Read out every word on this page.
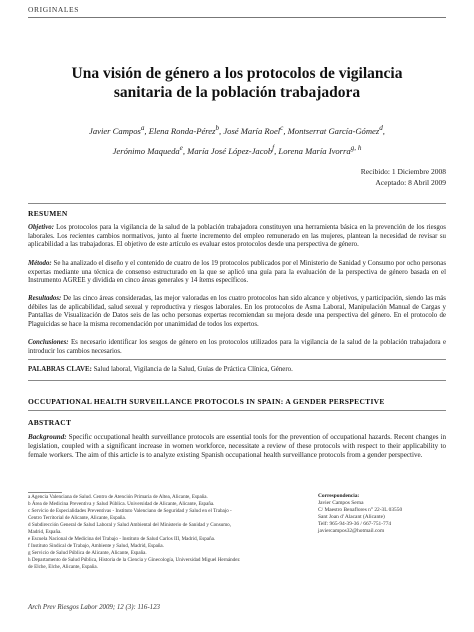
ORIGINALES
Una visión de género a los protocolos de vigilancia
sanitaria de la población trabajadora
Javier Campos$^a$, Elena Ronda-Pérez$^b$, José María Roel$^c$, Montserrat García-Gómez$^d$,
Jerónimo Maqueda$^e$, María José López-Jacob$^f$, Lorena María Ivorra$^{g, h}$
Recibido: 1 Diciembre 2008
Aceptado: 8 Abril 2009
RESUMEN

Objetivo: Los protocolos para la vigilancia de la salud de la población trabajadora constituyen una herramienta básica en la prevención de los riesgos laborales. Los recientes cambios normativos, junto al fuerte incremento del empleo remunerado en las mujeres, plantean la necesidad de revisar su aplicabilidad a las trabajadoras. El objetivo de este artículo es evaluar estos protocolos desde una perspectiva de género.

Método: Se ha analizado el diseño y el contenido de cuatro de los 19 protocolos publicados por el Ministerio de Sanidad y Consumo por ocho personas expertas mediante una técnica de consenso estructurado en la que se aplicó una guía para la evaluación de la perspectiva de género basada en el Instrumento AGREE y dividida en cinco áreas generales y 14 ítems específicos.

Resultados: De las cinco áreas consideradas, las mejor valoradas en los cuatro protocolos han sido alcance y objetivos, y participación, siendo las más débiles las de aplicabilidad, salud sexual y reproductiva y riesgos laborales. En los protocolos de Asma Laboral, Manipulación Manual de Cargas y Pantallas de Visualización de Datos seis de las ocho personas expertas recomiendan su mejora desde una perspectiva del género. En el protocolo de Plaguicidas se hace la misma recomendación por unanimidad de todos los expertos.

Conclusiones: Es necesario identificar los sesgos de género en los protocolos utilizados para la vigilancia de la salud de la población trabajadora e introducir los cambios necesarios.

PALABRAS CLAVE: Salud laboral, Vigilancia de la Salud, Guías de Práctica Clínica, Género.
OCCUPATIONAL HEALTH SURVEILLANCE PROTOCOLS IN SPAIN: A GENDER PERSPECTIVE
ABSTRACT

Background: Specific occupational health surveillance protocols are essential tools for the prevention of occupational hazards. Recent changes in legislation, coupled with a significant increase in women workforce, necessitate a review of these protocols with respect to their applicability to female workers. The aim of this article is to analyze existing Spanish occupational health surveillance protocols from a gender perspective.

a Agencia Valenciana de Salud. Centro de Atención Primaria de Altea, Alicante, España.
b Área de Medicina Preventiva y Salud Pública. Universidad de Alicante, Alicante, España.
c Servicio de Especialidades Preventivas - Instituto Valenciano de Seguridad y Salud en el Trabajo -
Centro Territorial de Alicante, Alicante, España.
d Subdirección General de Salud Laboral y Salud Ambiental del Ministerio de Sanidad y Consumo,
Madrid, España.
e Escuela Nacional de Medicina del Trabajo - Instituto de Salud Carlos III, Madrid, España.
f Instituto Sindical de Trabajo, Ambiente y Salud, Madrid, España.
g Servicio de Salud Pública de Alicante, Alicante, España.
h Departamento de Salud Pública, Historia de la Ciencia y Ginecología, Universidad Miguel Hernández
de Elche, Elche, Alicante, España.
Correspondencia:
Javier Campos Serna
C/ Maestro Benaflores n° 22-3L 03550
Sant Joan d' Alacant (Alicante)
Telf: 965-94-39-36 / 667-751-774
javiercampos32@hotmail.com
Arch Prev Riesgos Labor 2009; 12 (3): 116-123
